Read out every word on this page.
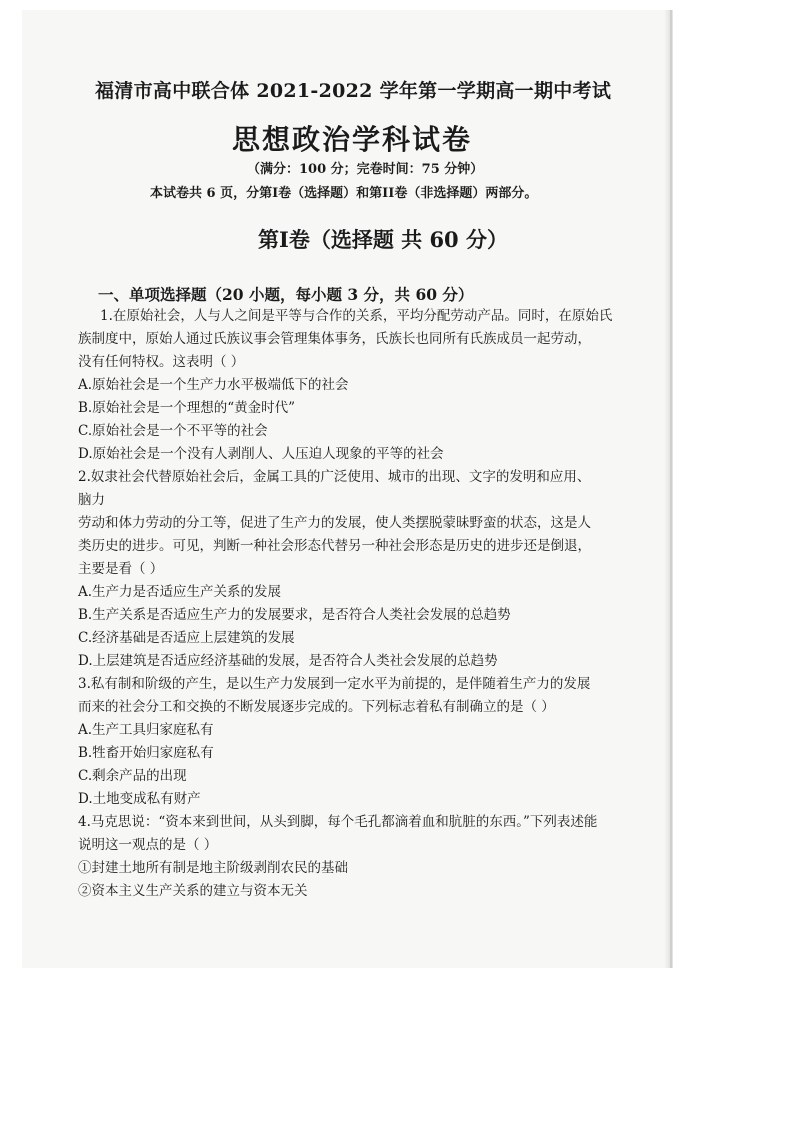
福清市高中联合体 2021-2022 学年第一学期高一期中考试
思想政治学科试卷
（满分：100 分；完卷时间：75 分钟）
本试卷共 6 页，分第I卷（选择题）和第II卷（非选择题）两部分。
第I卷（选择题 共 60 分）
一、单项选择题（20 小题，每小题 3 分，共 60 分）
1.在原始社会，人与人之间是平等与合作的关系，平均分配劳动产品。同时，在原始氏
族制度中，原始人通过氏族议事会管理集体事务，氏族长也同所有氏族成员一起劳动，
没有任何特权。这表明（ ）
A.原始社会是一个生产力水平极端低下的社会
B.原始社会是一个理想的“黄金时代”
C.原始社会是一个不平等的社会
D.原始社会是一个没有人剥削人、人压迫人现象的平等的社会
2.奴隶社会代替原始社会后，金属工具的广泛使用、城市的出现、文字的发明和应用、
脑力
劳动和体力劳动的分工等，促进了生产力的发展，使人类摆脱蒙昧野蛮的状态，这是人
类历史的进步。可见，判断一种社会形态代替另一种社会形态是历史的进步还是倒退，
主要是看（ ）
A.生产力是否适应生产关系的发展
B.生产关系是否适应生产力的发展要求，是否符合人类社会发展的总趋势
C.经济基础是否适应上层建筑的发展
D.上层建筑是否适应经济基础的发展，是否符合人类社会发展的总趋势
3.私有制和阶级的产生，是以生产力发展到一定水平为前提的，是伴随着生产力的发展
而来的社会分工和交换的不断发展逐步完成的。下列标志着私有制确立的是（ ）
A.生产工具归家庭私有
B.牲畜开始归家庭私有
C.剩余产品的出现
D.土地变成私有财产
4.马克思说：“资本来到世间，从头到脚，每个毛孔都滴着血和肮脏的东西。”下列表述能
说明这一观点的是（ ）
①封建土地所有制是地主阶级剥削农民的基础
②资本主义生产关系的建立与资本无关
